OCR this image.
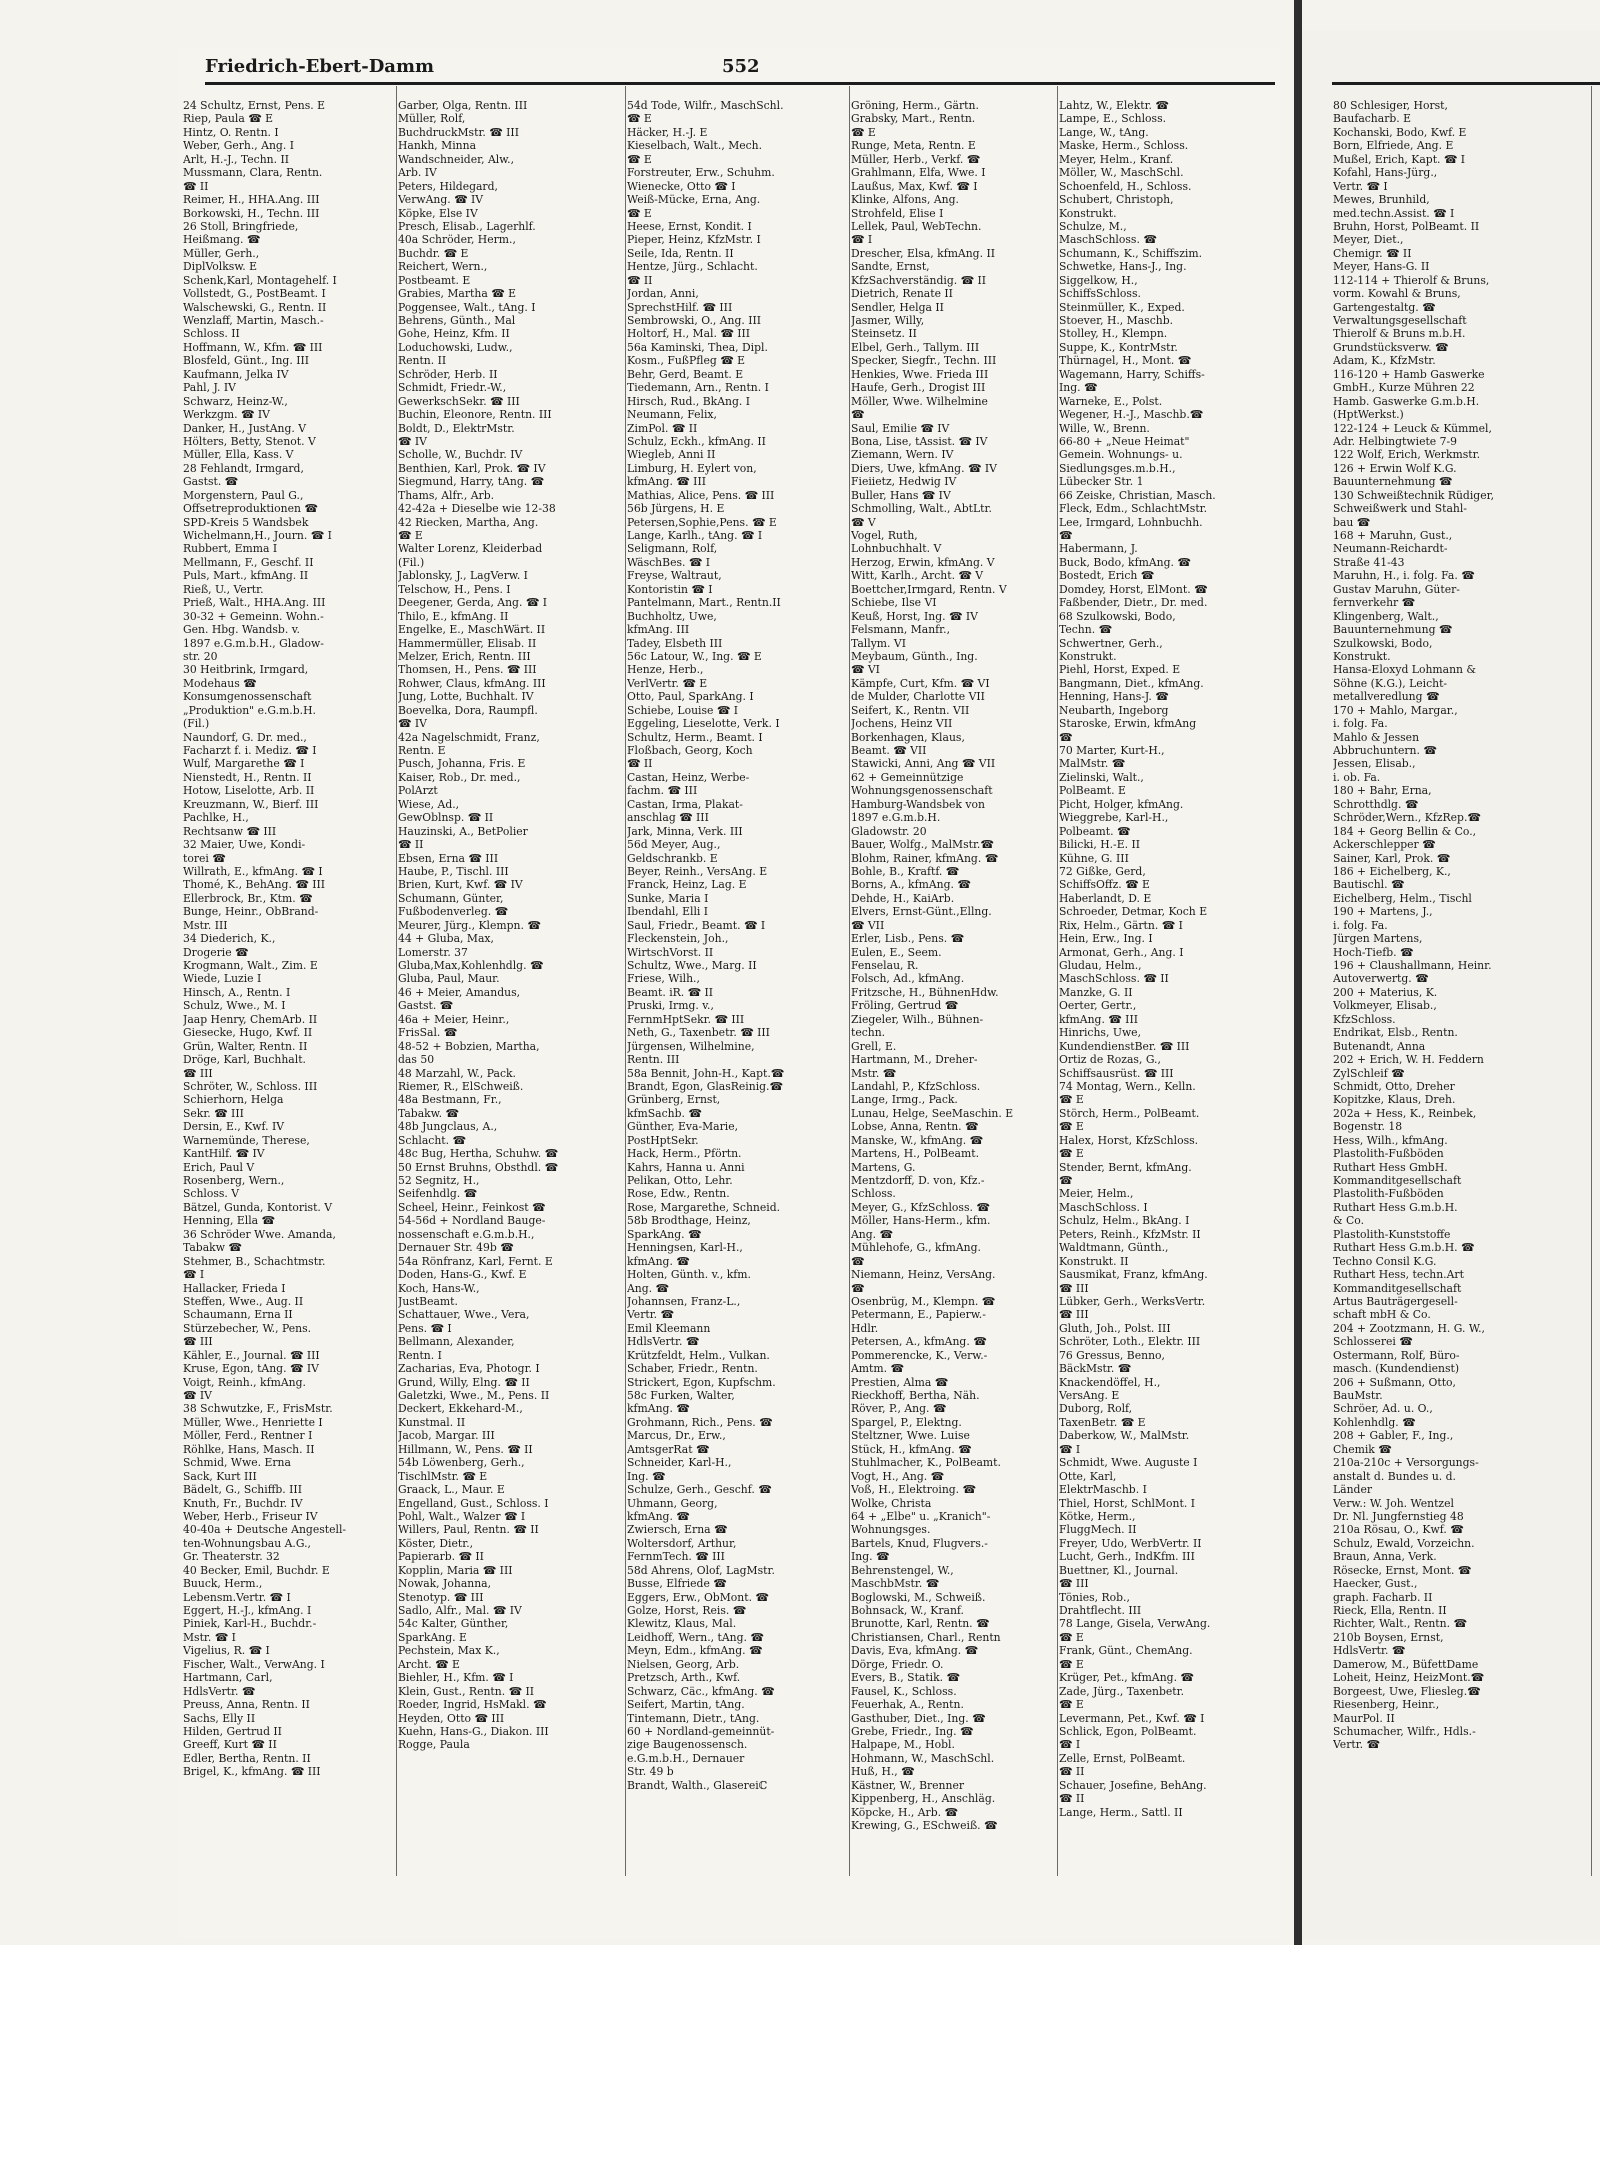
Friedrich-Ebert-Damm	552
24 Schultz, Ernst, Pens. E
Riep, Paula ☎ E
Hintz, O. Rentn. I
Weber, Gerh., Ang. I
Arlt, H.-J., Techn. II
Mussmann, Clara, Rentn.
☎ II
Reimer, H., HHA.Ang. III
Borkowski, H., Techn. III
26 Stoll, Bringfriede,
Heißmang. ☎
Müller, Gerh.,
DiplVolksw. E
Schenk,Karl, Montagehelf. I
Vollstedt, G., PostBeamt. I
Walschewski, G., Rentn. II
Wenzlaff, Martin, Masch.-
Schloss. II
Hoffmann, W., Kfm. ☎ III
Blosfeld, Günt., Ing. III
Kaufmann, Jelka IV
Pahl, J. IV
Schwarz, Heinz-W.,
Werkzgm. ☎ IV
Danker, H., JustAng. V
Hölters, Betty, Stenot. V
Müller, Ella, Kass. V
28 Fehlandt, Irmgard,
Gastst. ☎
Morgenstern, Paul G.,
Offsetreproduktionen ☎
SPD-Kreis 5 Wandsbek
Wichelmann,H., Journ. ☎ I
Rubbert, Emma I
Mellmann, F., Geschf. II
Puls, Mart., kfmAng. II
Rieß, U., Vertr.
Prieß, Walt., HHA.Ang. III
30-32 + Gemeinn. Wohn.-
Gen. Hbg. Wandsb. v.
1897 e.G.m.b.H., Gladow-
str. 20
30 Heitbrink, Irmgard,
Modehaus ☎
Konsumgenossenschaft
„Produktion" e.G.m.b.H.
(Fil.)
Naundorf, G. Dr. med.,
Facharzt f. i. Mediz. ☎ I
Wulf, Margarethe ☎ I
Nienstedt, H., Rentn. II
Hotow, Liselotte, Arb. II
Kreuzmann, W., Bierf. III
Pachlke, H.,
Rechtsanw ☎ III
32 Maier, Uwe, Kondi-
torei ☎
Willrath, E., kfmAng. ☎ I
Thomé, K., BehAng. ☎ III
Ellerbrock, Br., Ktm. ☎
Bunge, Heinr., ObBrand-
Mstr. III
34 Diederich, K.,
Drogerie ☎
Krogmann, Walt., Zim. E
Wiede, Luzie I
Hinsch, A., Rentn. I
Schulz, Wwe., M. I
Jaap Henry, ChemArb. II
Giesecke, Hugo, Kwf. II
Grün, Walter, Rentn. II
Dröge, Karl, Buchhalt.
☎ III
Schröter, W., Schloss. III
Schierhorn, Helga
Sekr. ☎ III
Dersin, E., Kwf. IV
Warnemünde, Therese,
KantHilf. ☎ IV
Erich, Paul V
Rosenberg, Wern.,
Schloss. V
Bätzel, Gunda, Kontorist. V
Henning, Ella ☎
36 Schröder Wwe. Amanda,
Tabakw ☎
Stehmer, B., Schachtmstr.
☎ I
Hallacker, Frieda I
Steffen, Wwe., Aug. II
Schaumann, Erna II
Stürzebecher, W., Pens.
☎ III
Kähler, E., Journal. ☎ III
Kruse, Egon, tAng. ☎ IV
Voigt, Reinh., kfmAng.
☎ IV
38 Schwutzke, F., FrisMstr.
Müller, Wwe., Henriette I
Möller, Ferd., Rentner I
Röhlke, Hans, Masch. II
Schmid, Wwe. Erna
Sack, Kurt III
Bädelt, G., Schiffb. III
Knuth, Fr., Buchdr. IV
Weber, Herb., Friseur IV
40-40a + Deutsche Angestell-
ten-Wohnungsbau A.G.,
Gr. Theaterstr. 32
40 Becker, Emil, Buchdr. E
Buuck, Herm.,
Lebensm.Vertr. ☎ I
Eggert, H.-J., kfmAng. I
Piniek, Karl-H., Buchdr.-
Mstr. ☎ I
Vigelius, R. ☎ I
Fischer, Walt., VerwAng. I
Hartmann, Carl,
HdlsVertr. ☎
Preuss, Anna, Rentn. II
Sachs, Elly II
Hilden, Gertrud II
Greeff, Kurt ☎ II
Edler, Bertha, Rentn. II
Brigel, K., kfmAng. ☎ III
Garber, Olga, Rentn. III
Müller, Rolf,
BuchdruckMstr. ☎ III
Hankh, Minna
Wandschneider, Alw.,
Arb. IV
Peters, Hildegard,
VerwAng. ☎ IV
Köpke, Else IV
Presch, Elisab., Lagerhlf.
40a Schröder, Herm.,
Buchdr. ☎ E
Reichert, Wern.,
Postbeamt. E
Grabies, Martha ☎ E
Poggensee, Walt., tAng. I
Behrens, Günth., Mal
Gohe, Heinz, Kfm. II
Loduchowski, Ludw.,
Rentn. II
Schröder, Herb. II
Schmidt, Friedr.-W.,
GewerkschSekr. ☎ III
Buchin, Eleonore, Rentn. III
Boldt, D., ElektrMstr.
☎ IV
Scholle, W., Buchdr. IV
Benthien, Karl, Prok. ☎ IV
Siegmund, Harry, tAng. ☎
Thams, Alfr., Arb.
42-42a + Dieselbe wie 12-38
42 Riecken, Martha, Ang.
☎ E
Walter Lorenz, Kleiderbad
(Fil.)
Jablonsky, J., LagVerw. I
Telschow, H., Pens. I
Deegener, Gerda, Ang. ☎ I
Thilo, E., kfmAng. II
Engelke, E., MaschWärt. II
Hammermüller, Elisab. II
Melzer, Erich, Rentn. III
Thomsen, H., Pens. ☎ III
Rohwer, Claus, kfmAng. III
Jung, Lotte, Buchhalt. IV
Boevelka, Dora, Raumpfl.
☎ IV
42a Nagelschmidt, Franz,
Rentn. E
Pusch, Johanna, Fris. E
Kaiser, Rob., Dr. med.,
PolArzt
Wiese, Ad.,
GewOblnsp. ☎ II
Hauzinski, A., BetPolier
☎ II
Ebsen, Erna ☎ III
Haube, P., Tischl. III
Brien, Kurt, Kwf. ☎ IV
Schumann, Günter,
Fußbodenverleg. ☎
Meurer, Jürg., Klempn. ☎
44 + Gluba, Max,
Lomerstr. 37
Gluba,Max,Kohlenhdlg. ☎
Gluba, Paul, Maur.
46 + Meier, Amandus,
Gastst. ☎
46a + Meier, Heinr.,
FrisSal. ☎
48-52 + Bobzien, Martha,
das 50
48 Marzahl, W., Pack.
Riemer, R., ElSchweiß.
48a Bestmann, Fr.,
Tabakw. ☎
48b Jungclaus, A.,
Schlacht. ☎
48c Bug, Hertha, Schuhw. ☎
50 Ernst Bruhns, Obsthdl. ☎
52 Segnitz, H.,
Seifenhdlg. ☎
Scheel, Heinr., Feinkost ☎
54-56d + Nordland Bauge-
nossenschaft e.G.m.b.H.,
Dernauer Str. 49b ☎
54a Rönfranz, Karl, Fernt. E
Doden, Hans-G., Kwf. E
Koch, Hans-W.,
JustBeamt.
Schattauer, Wwe., Vera,
Pens. ☎ I
Bellmann, Alexander,
Rentn. I
Zacharias, Eva, Photogr. I
Grund, Willy, Elng. ☎ II
Galetzki, Wwe., M., Pens. II
Deckert, Ekkehard-M.,
Kunstmal. II
Jacob, Margar. III
Hillmann, W., Pens. ☎ II
54b Löwenberg, Gerh.,
TischlMstr. ☎ E
Graack, L., Maur. E
Engelland, Gust., Schloss. I
Pohl, Walt., Walzer ☎ I
Willers, Paul, Rentn. ☎ II
Köster, Dietr.,
Papierarb. ☎ II
Kopplin, Maria ☎ III
Nowak, Johanna,
Stenotyp. ☎ III
Sadlo, Alfr., Mal. ☎ IV
54c Kalter, Günther,
SparkAng. E
Pechstein, Max K.,
Archt. ☎ E
Biehler, H., Kfm. ☎ I
Klein, Gust., Rentn. ☎ II
Roeder, Ingrid, HsMakl. ☎
Heyden, Otto ☎ III
Kuehn, Hans-G., Diakon. III
Rogge, Paula
54d Tode, Wilfr., MaschSchl.
☎ E
Häcker, H.-J. E
Kieselbach, Walt., Mech.
☎ E
Forstreuter, Erw., Schuhm.
Wienecke, Otto ☎ I
Weiß-Mücke, Erna, Ang.
☎ E
Heese, Ernst, Kondit. I
Pieper, Heinz, KfzMstr. I
Seile, Ida, Rentn. II
Hentze, Jürg., Schlacht.
☎ II
Jordan, Anni,
SprechstHilf. ☎ III
Sembrowski, O., Ang. III
Holtorf, H., Mal. ☎ III
56a Kaminski, Thea, Dipl.
Kosm., FußPfleg ☎ E
Behr, Gerd, Beamt. E
Tiedemann, Arn., Rentn. I
Hirsch, Rud., BkAng. I
Neumann, Felix,
ZimPol. ☎ II
Schulz, Eckh., kfmAng. II
Wiegleb, Anni II
Limburg, H. Eylert von,
kfmAng. ☎ III
Mathias, Alice, Pens. ☎ III
56b Jürgens, H. E
Petersen,Sophie,Pens. ☎ E
Lange, Karlh., tAng. ☎ I
Seligmann, Rolf,
WäschBes. ☎ I
Freyse, Waltraut,
Kontoristin ☎ I
Pantelmann, Mart., Rentn.II
Buchholtz, Uwe,
kfmAng. III
Tadey, Elsbeth III
56c Latour, W., Ing. ☎ E
Henze, Herb.,
VerlVertr. ☎ E
Otto, Paul, SparkAng. I
Schiebe, Louise ☎ I
Eggeling, Lieselotte, Verk. I
Schultz, Herm., Beamt. I
Floßbach, Georg, Koch
☎ II
Castan, Heinz, Werbe-
fachm. ☎ III
Castan, Irma, Plakat-
anschlag ☎ III
Jark, Minna, Verk. III
56d Meyer, Aug.,
Geldschrankb. E
Beyer, Reinh., VersAng. E
Franck, Heinz, Lag. E
Sunke, Maria I
Ibendahl, Elli I
Saul, Friedr., Beamt. ☎ I
Fleckenstein, Joh.,
WirtschVorst. II
Schultz, Wwe., Marg. II
Friese, Wilh.,
Beamt. iR. ☎ II
Pruski, Irmg. v.,
FernmHptSekr. ☎ III
Neth, G., Taxenbetr. ☎ III
Jürgensen, Wilhelmine,
Rentn. III
58a Bennit, John-H., Kapt.☎
Brandt, Egon, GlasReinig.☎
Grünberg, Ernst,
kfmSachb. ☎
Günther, Eva-Marie,
PostHptSekr.
Hack, Herm., Pförtn.
Kahrs, Hanna u. Anni
Pelikan, Otto, Lehr.
Rose, Edw., Rentn.
Rose, Margarethe, Schneid.
58b Brodthage, Heinz,
SparkAng. ☎
Henningsen, Karl-H.,
kfmAng. ☎
Holten, Günth. v., kfm.
Ang. ☎
Johannsen, Franz-L.,
Vertr. ☎
Emil Kleemann
HdlsVertr. ☎
Krützfeldt, Helm., Vulkan.
Schaber, Friedr., Rentn.
Strickert, Egon, Kupfschm.
58c Furken, Walter,
kfmAng. ☎
Grohmann, Rich., Pens. ☎
Marcus, Dr., Erw.,
AmtsgerRat ☎
Schneider, Karl-H.,
Ing. ☎
Schulze, Gerh., Geschf. ☎
Uhmann, Georg,
kfmAng. ☎
Zwiersch, Erna ☎
Woltersdorf, Arthur,
FernmTech. ☎ III
58d Ahrens, Olof, LagMstr.
Busse, Elfriede ☎
Eggers, Erw., ObMont. ☎
Golze, Horst, Reis. ☎
Klewitz, Klaus, Mal.
Leidhoff, Wern., tAng. ☎
Meyn, Edm., kfmAng. ☎
Nielsen, Georg, Arb.
Pretzsch, Arth., Kwf.
Schwarz, Cäc., kfmAng. ☎
Seifert, Martin, tAng.
Tintemann, Dietr., tAng.
60 + Nordland-gemeinnüt-
zige Baugenossensch.
e.G.m.b.H., Dernauer
Str. 49 b
Brandt, Walth., Glasereiℂ
Gröning, Herm., Gärtn.
Grabsky, Mart., Rentn.
☎ E
Runge, Meta, Rentn. E
Müller, Herb., Verkf. ☎
Grahlmann, Elfa, Wwe. I
Laußus, Max, Kwf. ☎ I
Klinke, Alfons, Ang.
Strohfeld, Elise I
Lellek, Paul, WebTechn.
☎ I
Drescher, Elsa, kfmAng. II
Sandte, Ernst,
KfzSachverständig. ☎ II
Dietrich, Renate II
Sendler, Helga II
Jasmer, Willy,
Steinsetz. II
Elbel, Gerh., Tallym. III
Specker, Siegfr., Techn. III
Henkies, Wwe. Frieda III
Haufe, Gerh., Drogist III
Möller, Wwe. Wilhelmine
☎
Saul, Emilie ☎ IV
Bona, Lise, tAssist. ☎ IV
Ziemann, Wern. IV
Diers, Uwe, kfmAng. ☎ IV
Fieiietz, Hedwig IV
Buller, Hans ☎ IV
Schmolling, Walt., AbtLtr.
☎ V
Vogel, Ruth,
Lohnbuchhalt. V
Herzog, Erwin, kfmAng. V
Witt, Karlh., Archt. ☎ V
Boettcher,Irmgard, Rentn. V
Schiebe, Ilse VI
Keuß, Horst, Ing. ☎ IV
Felsmann, Manfr.,
Tallym. VI
Meybaum, Günth., Ing.
☎ VI
Kämpfe, Curt, Kfm. ☎ VI
de Mulder, Charlotte VII
Seifert, K., Rentn. VII
Jochens, Heinz VII
Borkenhagen, Klaus,
Beamt. ☎ VII
Stawicki, Anni, Ang ☎ VII
62 + Gemeinnützige
Wohnungsgenossenschaft
Hamburg-Wandsbek von
1897 e.G.m.b.H.
Gladowstr. 20
Bauer, Wolfg., MalMstr.☎
Blohm, Rainer, kfmAng. ☎
Bohle, B., Kraftf. ☎
Borns, A., kfmAng. ☎
Dehde, H., KaiArb.
Elvers, Ernst-Günt.,Ellng.
☎ VII
Erler, Lisb., Pens. ☎
Eulen, E., Seem.
Fenselau, R.
Folsch, Ad., kfmAng.
Fritzsche, H., BühnenHdw.
Fröling, Gertrud ☎
Ziegeler, Wilh., Bühnen-
techn.
Grell, E.
Hartmann, M., Dreher-
Mstr. ☎
Landahl, P., KfzSchloss.
Lange, Irmg., Pack.
Lunau, Helge, SeeMaschin. E
Lobse, Anna, Rentn. ☎
Manske, W., kfmAng. ☎
Martens, H., PolBeamt.
Martens, G.
Mentzdorff, D. von, Kfz.-
Schloss.
Meyer, G., KfzSchloss. ☎
Möller, Hans-Herm., kfm.
Ang. ☎
Mühlehofe, G., kfmAng.
☎
Niemann, Heinz, VersAng.
☎
Osenbrüg, M., Klempn. ☎
Petermann, E., Papierw.-
Hdlr.
Petersen, A., kfmAng. ☎
Pommerencke, K., Verw.-
Amtm. ☎
Prestien, Alma ☎
Rieckhoff, Bertha, Näh.
Röver, P., Ang. ☎
Spargel, P., Elektng.
Steltzner, Wwe. Luise
Stück, H., kfmAng. ☎
Stuhlmacher, K., PolBeamt.
Vogt, H., Ang. ☎
Voß, H., Elektroing. ☎
Wolke, Christa
64 + „Elbe" u. „Kranich"-
Wohnungsges.
Bartels, Knud, Flugvers.-
Ing. ☎
Behrenstengel, W.,
MaschbMstr. ☎
Boglowski, M., Schweiß.
Bohnsack, W., Kranf.
Brunotte, Karl, Rentn. ☎
Christiansen, Charl., Rentn
Davis, Eva, kfmAng. ☎
Dörge, Friedr. O.
Evers, B., Statik. ☎
Fausel, K., Schloss.
Feuerhak, A., Rentn.
Gasthuber, Diet., Ing. ☎
Grebe, Friedr., Ing. ☎
Halpape, M., Hobl.
Hohmann, W., MaschSchl.
Huß, H., ☎
Kästner, W., Brenner
Kippenberg, H., Anschläg.
Köpcke, H., Arb. ☎
Krewing, G., ESchweiß. ☎
Lahtz, W., Elektr. ☎
Lampe, E., Schloss.
Lange, W., tAng.
Maske, Herm., Schloss.
Meyer, Helm., Kranf.
Möller, W., MaschSchl.
Schoenfeld, H., Schloss.
Schubert, Christoph,
Konstrukt.
Schulze, M.,
MaschSchloss. ☎
Schumann, K., Schiffszim.
Schwetke, Hans-J., Ing.
Siggelkow, H.,
SchiffsSchloss.
Steinmüller, K., Exped.
Stoever, H., Maschb.
Stolley, H., Klempn.
Suppe, K., KontrMstr.
Thürnagel, H., Mont. ☎
Wagemann, Harry, Schiffs-
Ing. ☎
Warneke, E., Polst.
Wegener, H.-J., Maschb.☎
Wille, W., Brenn.
66-80 + „Neue Heimat"
Gemein. Wohnungs- u.
Siedlungsges.m.b.H.,
Lübecker Str. 1
66 Zeiske, Christian, Masch.
Fleck, Edm., SchlachtMstr.
Lee, Irmgard, Lohnbuchh.
☎
Habermann, J.
Buck, Bodo, kfmAng. ☎
Bostedt, Erich ☎
Domdey, Horst, ElMont. ☎
Faßbender, Dietr., Dr. med.
68 Szulkowski, Bodo,
Techn. ☎
Schwertner, Gerh.,
Konstrukt.
Piehl, Horst, Exped. E
Bangmann, Diet., kfmAng.
Henning, Hans-J. ☎
Neubarth, Ingeborg
Staroske, Erwin, kfmAng
☎
70 Marter, Kurt-H.,
MalMstr. ☎
Zielinski, Walt.,
PolBeamt. E
Picht, Holger, kfmAng.
Wieggrebe, Karl-H.,
Polbeamt. ☎
Bilicki, H.-E. II
Kühne, G. III
72 Gißke, Gerd,
SchiffsOffz. ☎ E
Haberlandt, D. E
Schroeder, Detmar, Koch E
Rix, Helm., Gärtn. ☎ I
Hein, Erw., Ing. I
Armonat, Gerh., Ang. I
Gludau, Helm.,
MaschSchloss. ☎ II
Manzke, G. II
Oerter, Gertr.,
kfmAng. ☎ III
Hinrichs, Uwe,
KundendienstBer. ☎ III
Ortiz de Rozas, G.,
Schiffsausrüst. ☎ III
74 Montag, Wern., Kelln.
☎ E
Störch, Herm., PolBeamt.
☎ E
Halex, Horst, KfzSchloss.
☎ E
Stender, Bernt, kfmAng.
☎
Meier, Helm.,
MaschSchloss. I
Schulz, Helm., BkAng. I
Peters, Reinh., KfzMstr. II
Waldtmann, Günth.,
Konstrukt. II
Sausmikat, Franz, kfmAng.
☎ III
Lübker, Gerh., WerksVertr.
☎ III
Gluth, Joh., Polst. III
Schröter, Loth., Elektr. III
76 Gressus, Benno,
BäckMstr. ☎
Knackendöffel, H.,
VersAng. E
Duborg, Rolf,
TaxenBetr. ☎ E
Daberkow, W., MalMstr.
☎ I
Schmidt, Wwe. Auguste I
Otte, Karl,
ElektrMaschb. I
Thiel, Horst, SchlMont. I
Kötke, Herm.,
FluggMech. II
Freyer, Udo, WerbVertr. II
Lucht, Gerh., IndKfm. III
Buettner, Kl., Journal.
☎ III
Tönies, Rob.,
Drahtflecht. III
78 Lange, Gisela, VerwAng.
☎ E
Frank, Günt., ChemAng.
☎ E
Krüger, Pet., kfmAng. ☎
Zade, Jürg., Taxenbetr.
☎ E
Levermann, Pet., Kwf. ☎ I
Schlick, Egon, PolBeamt.
☎ I
Zelle, Ernst, PolBeamt.
☎ II
Schauer, Josefine, BehAng.
☎ II
Lange, Herm., Sattl. II
80 Schlesiger, Horst,
Baufacharb. E
Kochanski, Bodo, Kwf. E
Born, Elfriede, Ang. E
Mußel, Erich, Kapt. ☎ I
Kofahl, Hans-Jürg.,
Vertr. ☎ I
Mewes, Brunhild,
med.techn.Assist. ☎ I
Bruhn, Horst, PolBeamt. II
Meyer, Diet.,
Chemigr. ☎ II
Meyer, Hans-G. II
112-114 + Thierolf & Bruns,
vorm. Kowahl & Bruns,
Gartengestaltg. ☎
Verwaltungsgesellschaft
Thierolf & Bruns m.b.H.
Grundstücksverw. ☎
Adam, K., KfzMstr.
116-120 + Hamb Gaswerke
GmbH., Kurze Mühren 22
Hamb. Gaswerke G.m.b.H.
(HptWerkst.)
122-124 + Leuck & Kümmel,
Adr. Helbingtwiete 7-9
122 Wolf, Erich, Werkmstr.
126 + Erwin Wolf K.G.
Bauunternehmung ☎
130 Schweißtechnik Rüdiger,
Schweißwerk und Stahl-
bau ☎
168 + Maruhn, Gust.,
Neumann-Reichardt-
Straße 41-43
Maruhn, H., i. folg. Fa. ☎
Gustav Maruhn, Güter-
fernverkehr ☎
Klingenberg, Walt.,
Bauunternehmung ☎
Szulkowski, Bodo,
Konstrukt.
Hansa-Eloxyd Lohmann &
Söhne (K.G.), Leicht-
metallveredlung ☎
170 + Mahlo, Margar.,
i. folg. Fa.
Mahlo & Jessen
Abbruchuntern. ☎
Jessen, Elisab.,
i. ob. Fa.
180 + Bahr, Erna,
Schrotthdlg. ☎
Schröder,Wern., KfzRep.☎
184 + Georg Bellin & Co.,
Ackerschlepper ☎
Sainer, Karl, Prok. ☎
186 + Eichelberg, K.,
Bautischl. ☎
Eichelberg, Helm., Tischl
190 + Martens, J.,
i. folg. Fa.
Jürgen Martens,
Hoch-Tiefb. ☎
196 + Claushallmann, Heinr.
Autoverwertg. ☎
200 + Materius, K.
Volkmeyer, Elisab.,
KfzSchloss.
Endrikat, Elsb., Rentn.
Butenandt, Anna
202 + Erich, W. H. Feddern
ZylSchleif ☎
Schmidt, Otto, Dreher
Kopitzke, Klaus, Dreh.
202a + Hess, K., Reinbek,
Bogenstr. 18
Hess, Wilh., kfmAng.
Plastolith-Fußböden
Ruthart Hess GmbH.
Kommanditgesellschaft
Plastolith-Fußböden
Ruthart Hess G.m.b.H.
& Co.
Plastolith-Kunststoffe
Ruthart Hess G.m.b.H. ☎
Techno Consil K.G.
Ruthart Hess, techn.Art
Kommanditgesellschaft
Artus Bauträgergesell-
schaft mbH & Co.
204 + Zootzmann, H. G. W.,
Schlosserei ☎
Ostermann, Rolf, Büro-
masch. (Kundendienst)
206 + Sußmann, Otto,
BauMstr.
Schröer, Ad. u. O.,
Kohlenhdlg. ☎
208 + Gabler, F., Ing.,
Chemik ☎
210a-210c + Versorgungs-
anstalt d. Bundes u. d.
Länder
Verw.: W. Joh. Wentzel
Dr. Nl. Jungfernstieg 48
210a Rösau, O., Kwf. ☎
Schulz, Ewald, Vorzeichn.
Braun, Anna, Verk.
Rösecke, Ernst, Mont. ☎
Haecker, Gust.,
graph. Facharb. II
Rieck, Ella, Rentn. II
Richter, Walt., Rentn. ☎
210b Boysen, Ernst,
HdlsVertr. ☎
Damerow, M., BüfettDame
Loheit, Heinz, HeizMont.☎
Borgeest, Uwe, Fliesleg.☎
Riesenberg, Heinr.,
MaurPol. II
Schumacher, Wilfr., Hdls.-
Vertr. ☎
